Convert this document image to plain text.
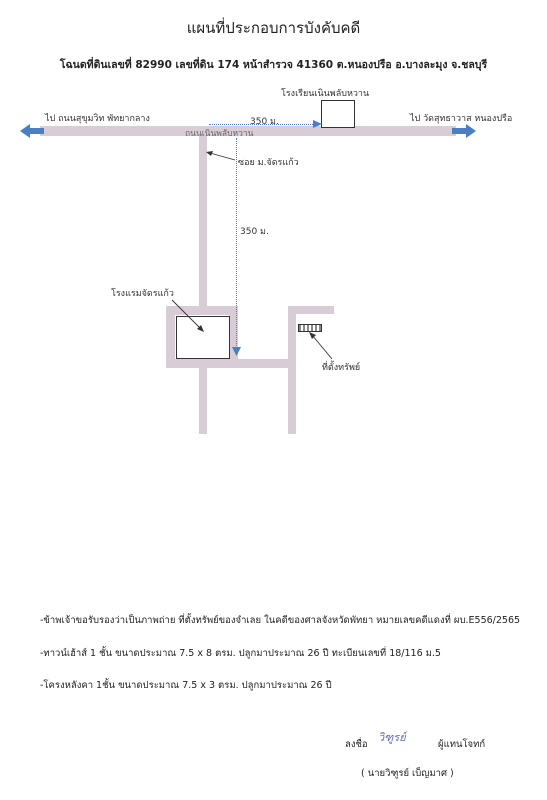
แผนที่ประกอบการบังคับคดี
โฉนดที่ดินเลขที่ 82990 เลขที่ดิน 174 หน้าสำรวจ 41360 ต.หนองปรือ อ.บางละมุง จ.ชลบุรี
โรงเรียนเนินพลับหวาน
โรงแรมจัดรแก้ว
ที่ตั้งทรัพย์
350 ม.
350 ม.
ถนนเนินพลับหวาน
ไป ถนนสุขุมวิท พัทยากลาง	ไป วัดสุทธาวาส หนองปรือ
ซอย ม.จัดรแก้ว
-ข้าพเจ้าขอรับรองว่าเป็นภาพถ่าย ที่ตั้งทรัพย์ของจำเลย ในคดีของศาลจังหวัดพัทยา หมายเลขคดีแดงที่ ผบ.E556/2565
-ทาวน์เฮ้าส์ 1 ชั้น ขนาดประมาณ 7.5 x 8 ตรม. ปลูกมาประมาณ 26 ปี ทะเบียนเลขที่ 18/116 ม.5
-โครงหลังคา 1ชั้น ขนาดประมาณ 7.5 x 3 ตรม. ปลูกมาประมาณ 26 ปี
ลงชื่อ
วิฑูรย์
ผู้แทนโจทก์
( นายวิฑูรย์ เบ็ญมาศ )
